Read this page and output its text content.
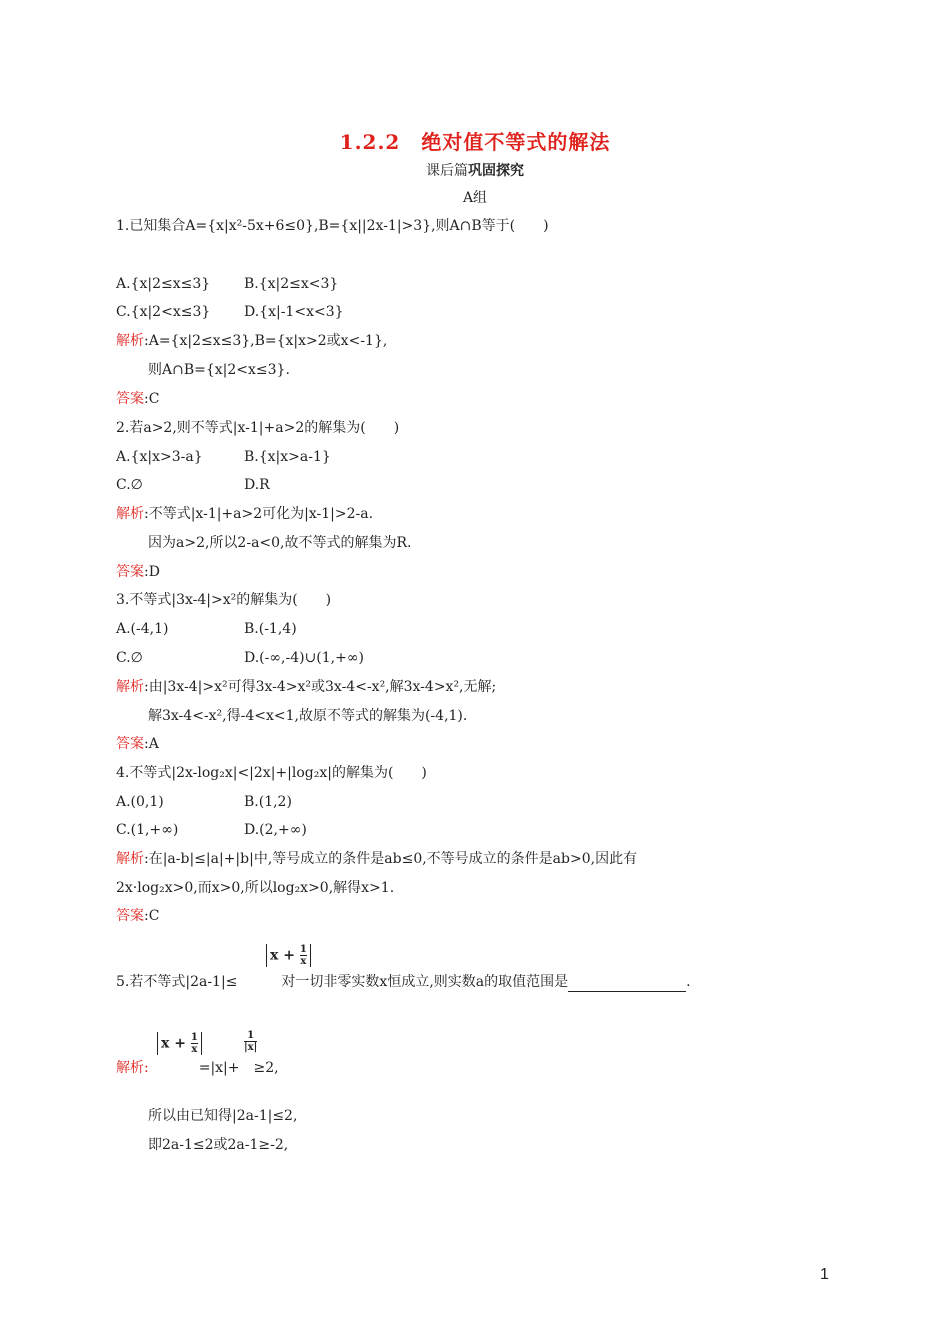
1.2.2　绝对值不等式的解法
课后篇巩固探究
A组
1.已知集合A={x|x²-5x+6≤0},B={x||2x-1|>3},则A∩B等于(　　)
A.{x|2≤x≤3} B.{x|2≤x<3}
C.{x|2<x≤3} D.{x|-1<x<3}
解析:A={x|2≤x≤3},B={x|x>2或x<-1},
则A∩B={x|2<x≤3}.
答案:C
2.若a>2,则不等式|x-1|+a>2的解集为(　　)
A.{x|x>3-a}	B.{x|x>a-1}
C.∅	D.R
解析:不等式|x-1|+a>2可化为|x-1|>2-a.
因为a>2,所以2-a<0,故不等式的解集为R.
答案:D
3.不等式|3x-4|>x²的解集为(　　)
A.(-4,1)	B.(-1,4)
C.∅	D.(-∞,-4)∪(1,+∞)
解析:由|3x-4|>x²可得3x-4>x²或3x-4<-x²,解3x-4>x²,无解;
解3x-4<-x²,得-4<x<1,故原不等式的解集为(-4,1).
答案:A
4.不等式|2x-log₂x|<|2x|+|log₂x|的解集为(　　)
A.(0,1)	B.(1,2)
C.(1,+∞)	D.(2,+∞)
解析:在|a-b|≤|a|+|b|中,等号成立的条件是ab≤0,不等号成立的条件是ab>0,因此有
2x·log₂x>0,而x>0,所以log₂x>0,解得x>1.
答案:C
$x + \frac{1}{x}$
5.若不等式|2a-1|≤	对一切非零实数x恒成立,则实数a的取值范围是	.
$x + \frac{1}{x}$	$\frac{1}{|x|}$
解析:	=|x|+ ≥2,
所以由已知得|2a-1|≤2,
即2a-1≤2或2a-1≥-2,
1
